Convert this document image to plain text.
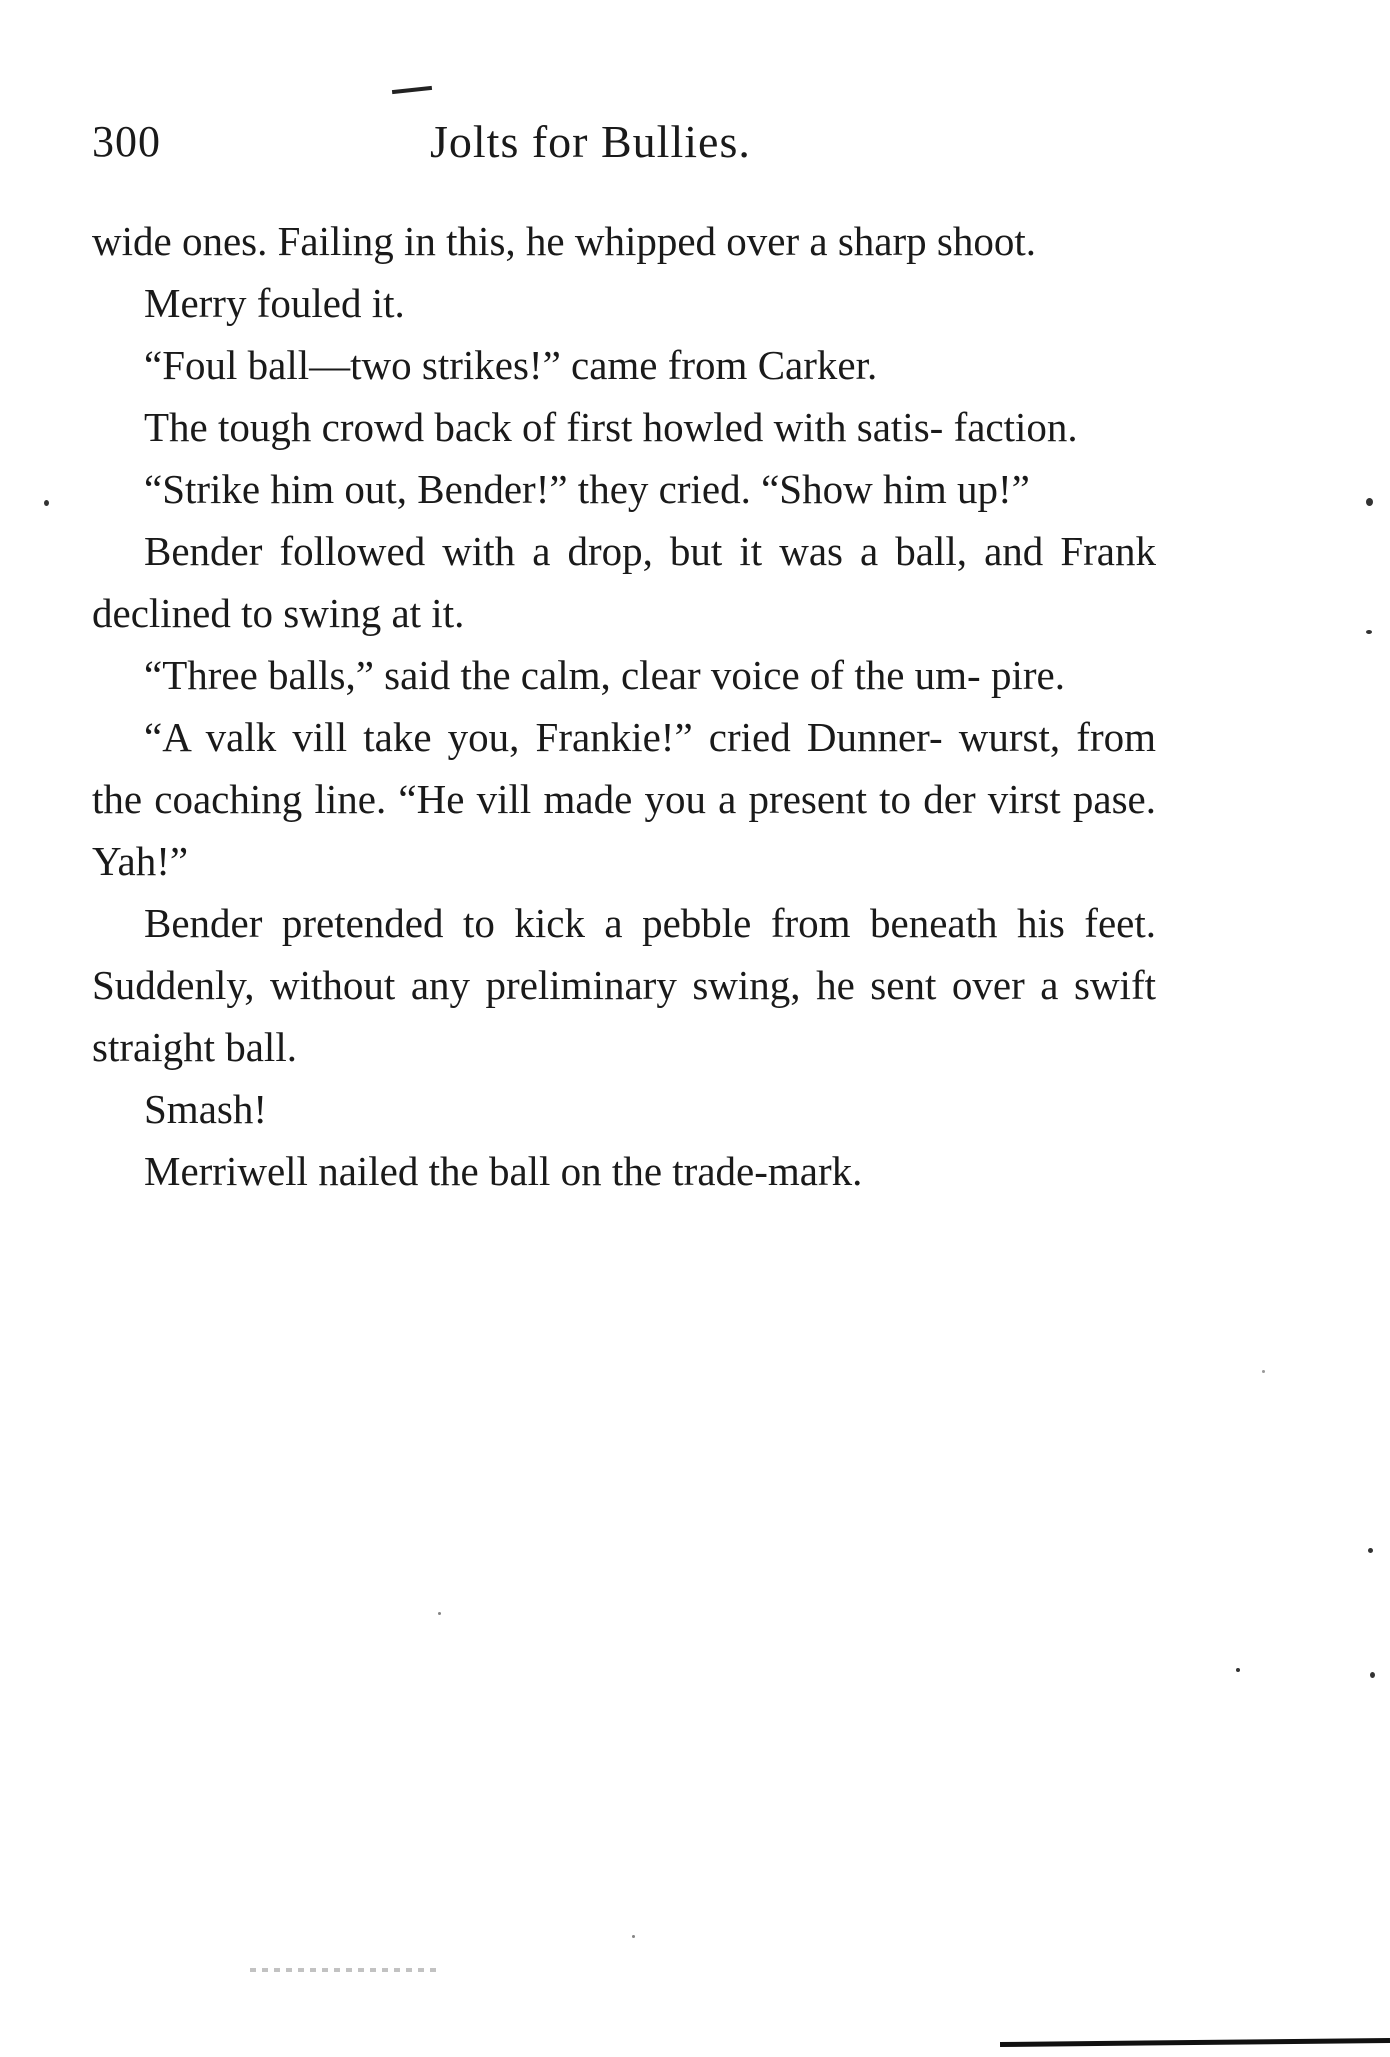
300	Jolts for Bullies.

wide ones. Failing in this, he whipped over a sharp shoot.

Merry fouled it.

“Foul ball—two strikes!” came from Carker.

The tough crowd back of first howled with satis- faction.

“Strike him out, Bender!” they cried. “Show him up!”

Bender followed with a drop, but it was a ball, and Frank declined to swing at it.

“Three balls,” said the calm, clear voice of the um- pire.

“A valk vill take you, Frankie!” cried Dunner- wurst, from the coaching line. “He vill made you a present to der virst pase. Yah!”

Bender pretended to kick a pebble from beneath his feet. Suddenly, without any preliminary swing, he sent over a swift straight ball.

Smash!

Merriwell nailed the ball on the trade-mark.
